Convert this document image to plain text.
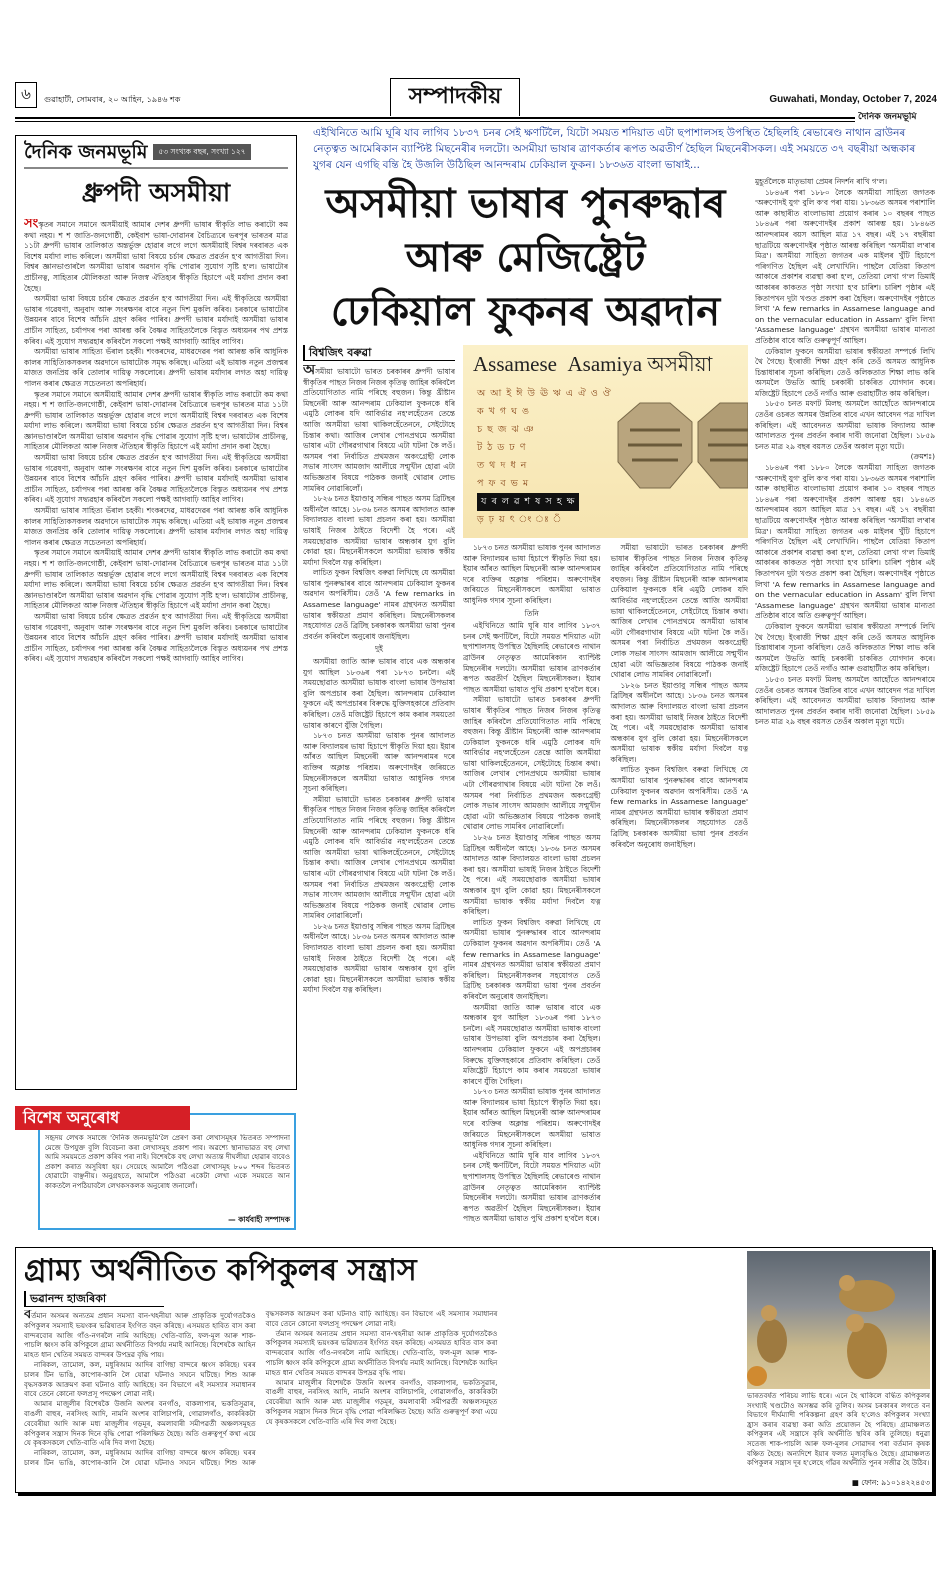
৬	গুৱাহাটী, সোমবাৰ, ২০ আহিন, ১৯৪৬ শক	সম্পাদকীয়	Guwahati, Monday, October 7, 2024
দৈনিক জনমভূমি
দৈনিক জনমভূমি	৫৩ সংখ্যক বছৰ, সংখ্যা ১২৭
ধ্ৰুপদী অসমীয়া

সংস্কৃতৰ সমানে সমানে অসমীয়াই আমাৰ দেশৰ ধ্ৰুপদী ভাষাৰ স্বীকৃতি লাভ কৰাটো কম কথা নহয়। শ শ জাতি-জনগোষ্ঠী, কেইবাশ ভাষা-দোৱানৰ বৈচিত্ৰ্যৰে ভৰপূৰ ভাৰতৰ মাত্ৰ ১১টা ধ্ৰুপদী ভাষাৰ তালিকাত অন্তৰ্ভুক্ত হোৱাৰ লগে লগে অসমীয়াই বিশ্বৰ দৰবাৰত এক বিশেষ মৰ্যাদা লাভ কৰিলে। অসমীয়া ভাষা বিষয়ে চৰ্চাৰ ক্ষেত্ৰত প্ৰৱৰ্তন হ'ব আগতীয়া দিন। বিশ্বৰ জ্ঞানভাণ্ডাৰলৈ অসমীয়া ভাষাৰ অৱদান বৃদ্ধি পোৱাৰ সুযোগ সৃষ্টি হ'ল। ভাষাটোৰ প্ৰাচীনত্ব, সাহিত্যৰ মৌলিকতা আৰু নিজস্ব ঐতিহ্যৰ স্বীকৃতি হিচাপে এই মৰ্যাদা প্ৰদান কৰা হৈছে।

অসমীয়া ভাষা বিষয়ে চৰ্চাৰ ক্ষেত্ৰত প্ৰৱৰ্তন হ'ব আগতীয়া দিন। এই স্বীকৃতিয়ে অসমীয়া ভাষাৰ গৱেষণা, অনুবাদ আৰু সংৰক্ষণৰ বাবে নতুন দিশ মুকলি কৰিব। চৰকাৰে ভাষাটোৰ উন্নয়নৰ বাবে বিশেষ আঁচনি গ্ৰহণ কৰিব পাৰিব। ধ্ৰুপদী ভাষাৰ মৰ্যাদাই অসমীয়া ভাষাৰ প্ৰাচীন সাহিত্য, চৰ্যাপদৰ পৰা আৰম্ভ কৰি বৈষ্ণৱ সাহিত্যলৈকে বিস্তৃত অধ্যয়নৰ পথ প্ৰশস্ত কৰিব। এই সুযোগ সদ্ব্যৱহাৰ কৰিবলৈ সকলো পক্ষই আগবাঢ়ি আহিব লাগিব।

অসমীয়া ভাষাৰ সাহিত্য ভঁৰাল চহকী। শংকৰদেৱ, মাধৱদেৱৰ পৰা আৰম্ভ কৰি আধুনিক কালৰ সাহিত্যিকসকলৰ অৱদানে ভাষাটোক সমৃদ্ধ কৰিছে। এতিয়া এই ভাষাক নতুন প্ৰজন্মৰ মাজত জনপ্ৰিয় কৰি তোলাৰ দায়িত্ব সকলোৰে। ধ্ৰুপদী ভাষাৰ মৰ্যাদাৰ লগত অহা দায়িত্ব পালন কৰাৰ ক্ষেত্ৰত সচেতনতা অপৰিহাৰ্য।

স্কৃতৰ সমানে সমানে অসমীয়াই আমাৰ দেশৰ ধ্ৰুপদী ভাষাৰ স্বীকৃতি লাভ কৰাটো কম কথা নহয়। শ শ জাতি-জনগোষ্ঠী, কেইবাশ ভাষা-দোৱানৰ বৈচিত্ৰ্যৰে ভৰপূৰ ভাৰতৰ মাত্ৰ ১১টা ধ্ৰুপদী ভাষাৰ তালিকাত অন্তৰ্ভুক্ত হোৱাৰ লগে লগে অসমীয়াই বিশ্বৰ দৰবাৰত এক বিশেষ মৰ্যাদা লাভ কৰিলে। অসমীয়া ভাষা বিষয়ে চৰ্চাৰ ক্ষেত্ৰত প্ৰৱৰ্তন হ'ব আগতীয়া দিন। বিশ্বৰ জ্ঞানভাণ্ডাৰলৈ অসমীয়া ভাষাৰ অৱদান বৃদ্ধি পোৱাৰ সুযোগ সৃষ্টি হ'ল। ভাষাটোৰ প্ৰাচীনত্ব, সাহিত্যৰ মৌলিকতা আৰু নিজস্ব ঐতিহ্যৰ স্বীকৃতি হিচাপে এই মৰ্যাদা প্ৰদান কৰা হৈছে।

অসমীয়া ভাষা বিষয়ে চৰ্চাৰ ক্ষেত্ৰত প্ৰৱৰ্তন হ'ব আগতীয়া দিন। এই স্বীকৃতিয়ে অসমীয়া ভাষাৰ গৱেষণা, অনুবাদ আৰু সংৰক্ষণৰ বাবে নতুন দিশ মুকলি কৰিব। চৰকাৰে ভাষাটোৰ উন্নয়নৰ বাবে বিশেষ আঁচনি গ্ৰহণ কৰিব পাৰিব। ধ্ৰুপদী ভাষাৰ মৰ্যাদাই অসমীয়া ভাষাৰ প্ৰাচীন সাহিত্য, চৰ্যাপদৰ পৰা আৰম্ভ কৰি বৈষ্ণৱ সাহিত্যলৈকে বিস্তৃত অধ্যয়নৰ পথ প্ৰশস্ত কৰিব। এই সুযোগ সদ্ব্যৱহাৰ কৰিবলৈ সকলো পক্ষই আগবাঢ়ি আহিব লাগিব।

অসমীয়া ভাষাৰ সাহিত্য ভঁৰাল চহকী। শংকৰদেৱ, মাধৱদেৱৰ পৰা আৰম্ভ কৰি আধুনিক কালৰ সাহিত্যিকসকলৰ অৱদানে ভাষাটোক সমৃদ্ধ কৰিছে। এতিয়া এই ভাষাক নতুন প্ৰজন্মৰ মাজত জনপ্ৰিয় কৰি তোলাৰ দায়িত্ব সকলোৰে। ধ্ৰুপদী ভাষাৰ মৰ্যাদাৰ লগত অহা দায়িত্ব পালন কৰাৰ ক্ষেত্ৰত সচেতনতা অপৰিহাৰ্য।

স্কৃতৰ সমানে সমানে অসমীয়াই আমাৰ দেশৰ ধ্ৰুপদী ভাষাৰ স্বীকৃতি লাভ কৰাটো কম কথা নহয়। শ শ জাতি-জনগোষ্ঠী, কেইবাশ ভাষা-দোৱানৰ বৈচিত্ৰ্যৰে ভৰপূৰ ভাৰতৰ মাত্ৰ ১১টা ধ্ৰুপদী ভাষাৰ তালিকাত অন্তৰ্ভুক্ত হোৱাৰ লগে লগে অসমীয়াই বিশ্বৰ দৰবাৰত এক বিশেষ মৰ্যাদা লাভ কৰিলে। অসমীয়া ভাষা বিষয়ে চৰ্চাৰ ক্ষেত্ৰত প্ৰৱৰ্তন হ'ব আগতীয়া দিন। বিশ্বৰ জ্ঞানভাণ্ডাৰলৈ অসমীয়া ভাষাৰ অৱদান বৃদ্ধি পোৱাৰ সুযোগ সৃষ্টি হ'ল। ভাষাটোৰ প্ৰাচীনত্ব, সাহিত্যৰ মৌলিকতা আৰু নিজস্ব ঐতিহ্যৰ স্বীকৃতি হিচাপে এই মৰ্যাদা প্ৰদান কৰা হৈছে।

অসমীয়া ভাষা বিষয়ে চৰ্চাৰ ক্ষেত্ৰত প্ৰৱৰ্তন হ'ব আগতীয়া দিন। এই স্বীকৃতিয়ে অসমীয়া ভাষাৰ গৱেষণা, অনুবাদ আৰু সংৰক্ষণৰ বাবে নতুন দিশ মুকলি কৰিব। চৰকাৰে ভাষাটোৰ উন্নয়নৰ বাবে বিশেষ আঁচনি গ্ৰহণ কৰিব পাৰিব। ধ্ৰুপদী ভাষাৰ মৰ্যাদাই অসমীয়া ভাষাৰ প্ৰাচীন সাহিত্য, চৰ্যাপদৰ পৰা আৰম্ভ কৰি বৈষ্ণৱ সাহিত্যলৈকে বিস্তৃত অধ্যয়নৰ পথ প্ৰশস্ত কৰিব। এই সুযোগ সদ্ব্যৱহাৰ কৰিবলৈ সকলো পক্ষই আগবাঢ়ি আহিব লাগিব।

বিশেষ অনুৰোধ
সহৃদয় লেখক সমাজে 'দৈনিক জনমভূমি'লৈ প্ৰেৰণ কৰা লেখাসমূহৰ ভিতৰত সম্পাদনা মেজে উপযুক্ত বুলি বিবেচনা কৰা লেখাসমূহ প্ৰকাশ পাব। অৱশ্যে স্থানাভাৱত বহু লেখা আমি সময়মতে প্ৰকাশ কৰিব পৰা নাই। বিশেষকৈ বহু লেখা অত্যন্ত দীঘলীয়া হোৱাৰ বাবেও প্ৰকাশ কৰাত অসুবিধা হয়। সেয়েহে আমালৈ পঠিওৱা লেখাসমূহ ৮০০ শব্দৰ ভিতৰত হোৱাটো বাঞ্ছনীয়। অনুগ্ৰহতে, আমালৈ পঠিওৱা একেটা লেখা একে সময়তে আন কাকতলৈ নপঠিয়াবলৈ লেখকসকলক অনুৰোধ জনালোঁ।
— কাৰ্যবাহী সম্পাদক
এইখিনিতে আমি ঘূৰি যাব লাগিব ১৮৩৭ চনৰ সেই ক্ষণটিলৈ, যিটো সময়ত শদিয়াত এটা ছপাশালসহ উপস্থিত হৈছিলহি ৰেভাৰেণ্ড নাথান ব্ৰাউনৰ নেতৃত্বত আমেৰিকান ব্যাপ্টিষ্ট মিছনেৰীৰ দলটো। অসমীয়া ভাষাৰ ত্ৰাণকৰ্তাৰ ৰূপত অৱতীৰ্ণ হৈছিল মিছনেৰীসকল। এই সময়তে ৩৭ বছৰীয়া অন্ধকাৰ যুগৰ যেন এগছি বন্তি হৈ উজলি উঠিছিল আনন্দৰাম ঢেকিয়াল ফুকন। ১৮৩৬ত বাংলা ভাষাই...
অসমীয়া ভাষাৰ পুনৰুদ্ধাৰ
আৰু মেজিষ্ট্ৰেট
ঢেকিয়াল ফুকনৰ অৱদান
বিশ্বজিৎ বৰুৱা

অসমীয়া ভাষাটো ভাৰত চৰকাৰৰ ধ্ৰুপদী ভাষাৰ স্বীকৃতিৰ পাছত নিজৰ নিজৰ কৃতিত্ব জাহিৰ কৰিবলৈ প্ৰতিযোগিতাত নামি পৰিছে বহুজন। কিন্তু খ্ৰীষ্টান মিছনেৰী আৰু আনন্দৰাম ঢেকিয়াল ফুকনকে ধৰি এমুঠি লোকৰ যদি আবিৰ্ভাৱ নহ'লহেঁতেন তেন্তে আজি অসমীয়া ভাষা থাকিলহেঁতেননে, সেইটোহে চিন্তাৰ কথা। আজিৰ লেখাৰ পোনপ্ৰথমে অসমীয়া ভাষাৰ এটা গৌৰৱগাথাৰ বিষয়ে এটা ঘটনা কৈ লওঁ। অসমৰ পৰা নিৰ্বাচিত প্ৰথমজন অকংগ্ৰেছী লোক সভাৰ সাংসদ আমজাদ আলীয়ে সন্মুখীন হোৱা এটা অভিজ্ঞতাৰ বিষয়ে পাঠকক জনাই থোৱাৰ লোভ সামৰিব নোৱাৰিলোঁ।

১৮২৬ চনত ইয়াণ্ডাবু সন্ধিৰ পাছত অসম ব্ৰিটিছৰ অধীনলৈ আহে। ১৮৩৬ চনত অসমৰ আদালত আৰু বিদ্যালয়ত বাংলা ভাষা প্ৰচলন কৰা হয়। অসমীয়া ভাষাই নিজৰ ঠাইতে বিদেশী হৈ পৰে। এই সময়ছোৱাক অসমীয়া ভাষাৰ অন্ধকাৰ যুগ বুলি কোৱা হয়। মিছনেৰীসকলে অসমীয়া ভাষাক স্বকীয় মৰ্যাদা দিবলৈ যত্ন কৰিছিল।

লাচিত ফুকন বিশ্বজিৎ বৰুৱা লিখিছে যে অসমীয়া ভাষাৰ পুনৰুদ্ধাৰৰ বাবে আনন্দৰাম ঢেকিয়াল ফুকনৰ অৱদান অপৰিসীম। তেওঁ 'A few remarks in Assamese language' নামৰ গ্ৰন্থখনত অসমীয়া ভাষাৰ স্বকীয়তা প্ৰমাণ কৰিছিল। মিছনেৰীসকলৰ সহযোগত তেওঁ ব্ৰিটিছ চৰকাৰক অসমীয়া ভাষা পুনৰ প্ৰবৰ্তন কৰিবলৈ অনুৰোধ জনাইছিল।

দুই

অসমীয়া জাতি আৰু ভাষাৰ বাবে এক অন্ধকাৰ যুগ আছিল ১৮৩৬ৰ পৰা ১৮৭৩ চনলৈ। এই সময়ছোৱাত অসমীয়া ভাষাক বাংলা ভাষাৰ উপভাষা বুলি অপপ্ৰচাৰ কৰা হৈছিল। আনন্দৰাম ঢেকিয়াল ফুকনে এই অপপ্ৰচাৰৰ বিৰুদ্ধে যুক্তিসহকাৰে প্ৰতিবাদ কৰিছিল। তেওঁ মজিষ্ট্ৰেট হিচাপে কাম কৰাৰ সময়তো ভাষাৰ কাৰণে যুঁজি গৈছিল।

১৮৭৩ চনত অসমীয়া ভাষাক পুনৰ আদালত আৰু বিদ্যালয়ৰ ভাষা হিচাপে স্বীকৃতি দিয়া হয়। ইয়াৰ আঁৰত আছিল মিছনেৰী আৰু আনন্দৰামৰ দৰে ব্যক্তিৰ অক্লান্ত পৰিশ্ৰম। অৰুণোদইৰ জৰিয়তে মিছনেৰীসকলে অসমীয়া ভাষাত আধুনিক গদ্যৰ সূচনা কৰিছিল।

সমীয়া ভাষাটো ভাৰত চৰকাৰৰ ধ্ৰুপদী ভাষাৰ স্বীকৃতিৰ পাছত নিজৰ নিজৰ কৃতিত্ব জাহিৰ কৰিবলৈ প্ৰতিযোগিতাত নামি পৰিছে বহুজন। কিন্তু খ্ৰীষ্টান মিছনেৰী আৰু আনন্দৰাম ঢেকিয়াল ফুকনকে ধৰি এমুঠি লোকৰ যদি আবিৰ্ভাৱ নহ'লহেঁতেন তেন্তে আজি অসমীয়া ভাষা থাকিলহেঁতেননে, সেইটোহে চিন্তাৰ কথা। আজিৰ লেখাৰ পোনপ্ৰথমে অসমীয়া ভাষাৰ এটা গৌৰৱগাথাৰ বিষয়ে এটা ঘটনা কৈ লওঁ। অসমৰ পৰা নিৰ্বাচিত প্ৰথমজন অকংগ্ৰেছী লোক সভাৰ সাংসদ আমজাদ আলীয়ে সন্মুখীন হোৱা এটা অভিজ্ঞতাৰ বিষয়ে পাঠকক জনাই থোৱাৰ লোভ সামৰিব নোৱাৰিলোঁ।

১৮২৬ চনত ইয়াণ্ডাবু সন্ধিৰ পাছত অসম ব্ৰিটিছৰ অধীনলৈ আহে। ১৮৩৬ চনত অসমৰ আদালত আৰু বিদ্যালয়ত বাংলা ভাষা প্ৰচলন কৰা হয়। অসমীয়া ভাষাই নিজৰ ঠাইতে বিদেশী হৈ পৰে। এই সময়ছোৱাক অসমীয়া ভাষাৰ অন্ধকাৰ যুগ বুলি কোৱা হয়। মিছনেৰীসকলে অসমীয়া ভাষাক স্বকীয় মৰ্যাদা দিবলৈ যত্ন কৰিছিল।

Assamese Asamiya অসমীয়া
অ আ ই ঈ উ ঊ ঋ এ ঐ ও ঔ
ক খ গ ঘ ঙ
চ ছ জ ঝ ঞ
ট ঠ ড ঢ ণ
ত থ দ ধ ন
প ফ ব ভ ম
য ৰ ল ৱ শ ষ স হ ক্ষ
ড় ঢ় য় ৎ ং ঃ ঁ

১৮৭৩ চনত অসমীয়া ভাষাক পুনৰ আদালত আৰু বিদ্যালয়ৰ ভাষা হিচাপে স্বীকৃতি দিয়া হয়। ইয়াৰ আঁৰত আছিল মিছনেৰী আৰু আনন্দৰামৰ দৰে ব্যক্তিৰ অক্লান্ত পৰিশ্ৰম। অৰুণোদইৰ জৰিয়তে মিছনেৰীসকলে অসমীয়া ভাষাত আধুনিক গদ্যৰ সূচনা কৰিছিল।

তিনি

এইখিনিতে আমি ঘূৰি যাব লাগিব ১৮৩৭ চনৰ সেই ক্ষণটিলৈ, যিটো সময়ত শদিয়াত এটা ছপাশালসহ উপস্থিত হৈছিলহি ৰেভাৰেণ্ড নাথান ব্ৰাউনৰ নেতৃত্বত আমেৰিকান ব্যাপ্টিষ্ট মিছনেৰীৰ দলটো। অসমীয়া ভাষাৰ ত্ৰাণকৰ্তাৰ ৰূপত অৱতীৰ্ণ হৈছিল মিছনেৰীসকল। ইয়াৰ পাছত অসমীয়া ভাষাত পুথি প্ৰকাশ হ'বলৈ ধৰে।

সমীয়া ভাষাটো ভাৰত চৰকাৰৰ ধ্ৰুপদী ভাষাৰ স্বীকৃতিৰ পাছত নিজৰ নিজৰ কৃতিত্ব জাহিৰ কৰিবলৈ প্ৰতিযোগিতাত নামি পৰিছে বহুজন। কিন্তু খ্ৰীষ্টান মিছনেৰী আৰু আনন্দৰাম ঢেকিয়াল ফুকনকে ধৰি এমুঠি লোকৰ যদি আবিৰ্ভাৱ নহ'লহেঁতেন তেন্তে আজি অসমীয়া ভাষা থাকিলহেঁতেননে, সেইটোহে চিন্তাৰ কথা। আজিৰ লেখাৰ পোনপ্ৰথমে অসমীয়া ভাষাৰ এটা গৌৰৱগাথাৰ বিষয়ে এটা ঘটনা কৈ লওঁ। অসমৰ পৰা নিৰ্বাচিত প্ৰথমজন অকংগ্ৰেছী লোক সভাৰ সাংসদ আমজাদ আলীয়ে সন্মুখীন হোৱা এটা অভিজ্ঞতাৰ বিষয়ে পাঠকক জনাই থোৱাৰ লোভ সামৰিব নোৱাৰিলোঁ।

১৮২৬ চনত ইয়াণ্ডাবু সন্ধিৰ পাছত অসম ব্ৰিটিছৰ অধীনলৈ আহে। ১৮৩৬ চনত অসমৰ আদালত আৰু বিদ্যালয়ত বাংলা ভাষা প্ৰচলন কৰা হয়। অসমীয়া ভাষাই নিজৰ ঠাইতে বিদেশী হৈ পৰে। এই সময়ছোৱাক অসমীয়া ভাষাৰ অন্ধকাৰ যুগ বুলি কোৱা হয়। মিছনেৰীসকলে অসমীয়া ভাষাক স্বকীয় মৰ্যাদা দিবলৈ যত্ন কৰিছিল।

লাচিত ফুকন বিশ্বজিৎ বৰুৱা লিখিছে যে অসমীয়া ভাষাৰ পুনৰুদ্ধাৰৰ বাবে আনন্দৰাম ঢেকিয়াল ফুকনৰ অৱদান অপৰিসীম। তেওঁ 'A few remarks in Assamese language' নামৰ গ্ৰন্থখনত অসমীয়া ভাষাৰ স্বকীয়তা প্ৰমাণ কৰিছিল। মিছনেৰীসকলৰ সহযোগত তেওঁ ব্ৰিটিছ চৰকাৰক অসমীয়া ভাষা পুনৰ প্ৰবৰ্তন কৰিবলৈ অনুৰোধ জনাইছিল।

অসমীয়া জাতি আৰু ভাষাৰ বাবে এক অন্ধকাৰ যুগ আছিল ১৮৩৬ৰ পৰা ১৮৭৩ চনলৈ। এই সময়ছোৱাত অসমীয়া ভাষাক বাংলা ভাষাৰ উপভাষা বুলি অপপ্ৰচাৰ কৰা হৈছিল। আনন্দৰাম ঢেকিয়াল ফুকনে এই অপপ্ৰচাৰৰ বিৰুদ্ধে যুক্তিসহকাৰে প্ৰতিবাদ কৰিছিল। তেওঁ মজিষ্ট্ৰেট হিচাপে কাম কৰাৰ সময়তো ভাষাৰ কাৰণে যুঁজি গৈছিল।

১৮৭৩ চনত অসমীয়া ভাষাক পুনৰ আদালত আৰু বিদ্যালয়ৰ ভাষা হিচাপে স্বীকৃতি দিয়া হয়। ইয়াৰ আঁৰত আছিল মিছনেৰী আৰু আনন্দৰামৰ দৰে ব্যক্তিৰ অক্লান্ত পৰিশ্ৰম। অৰুণোদইৰ জৰিয়তে মিছনেৰীসকলে অসমীয়া ভাষাত আধুনিক গদ্যৰ সূচনা কৰিছিল।

এইখিনিতে আমি ঘূৰি যাব লাগিব ১৮৩৭ চনৰ সেই ক্ষণটিলৈ, যিটো সময়ত শদিয়াত এটা ছপাশালসহ উপস্থিত হৈছিলহি ৰেভাৰেণ্ড নাথান ব্ৰাউনৰ নেতৃত্বত আমেৰিকান ব্যাপ্টিষ্ট মিছনেৰীৰ দলটো। অসমীয়া ভাষাৰ ত্ৰাণকৰ্তাৰ ৰূপত অৱতীৰ্ণ হৈছিল মিছনেৰীসকল। ইয়াৰ পাছত অসমীয়া ভাষাত পুথি প্ৰকাশ হ'বলৈ ধৰে।

সমীয়া ভাষাটো ভাৰত চৰকাৰৰ ধ্ৰুপদী ভাষাৰ স্বীকৃতিৰ পাছত নিজৰ নিজৰ কৃতিত্ব জাহিৰ কৰিবলৈ প্ৰতিযোগিতাত নামি পৰিছে বহুজন। কিন্তু খ্ৰীষ্টান মিছনেৰী আৰু আনন্দৰাম ঢেকিয়াল ফুকনকে ধৰি এমুঠি লোকৰ যদি আবিৰ্ভাৱ নহ'লহেঁতেন তেন্তে আজি অসমীয়া ভাষা থাকিলহেঁতেননে, সেইটোহে চিন্তাৰ কথা। আজিৰ লেখাৰ পোনপ্ৰথমে অসমীয়া ভাষাৰ এটা গৌৰৱগাথাৰ বিষয়ে এটা ঘটনা কৈ লওঁ। অসমৰ পৰা নিৰ্বাচিত প্ৰথমজন অকংগ্ৰেছী লোক সভাৰ সাংসদ আমজাদ আলীয়ে সন্মুখীন হোৱা এটা অভিজ্ঞতাৰ বিষয়ে পাঠকক জনাই থোৱাৰ লোভ সামৰিব নোৱাৰিলোঁ।

১৮২৬ চনত ইয়াণ্ডাবু সন্ধিৰ পাছত অসম ব্ৰিটিছৰ অধীনলৈ আহে। ১৮৩৬ চনত অসমৰ আদালত আৰু বিদ্যালয়ত বাংলা ভাষা প্ৰচলন কৰা হয়। অসমীয়া ভাষাই নিজৰ ঠাইতে বিদেশী হৈ পৰে। এই সময়ছোৱাক অসমীয়া ভাষাৰ অন্ধকাৰ যুগ বুলি কোৱা হয়। মিছনেৰীসকলে অসমীয়া ভাষাক স্বকীয় মৰ্যাদা দিবলৈ যত্ন কৰিছিল।

লাচিত ফুকন বিশ্বজিৎ বৰুৱা লিখিছে যে অসমীয়া ভাষাৰ পুনৰুদ্ধাৰৰ বাবে আনন্দৰাম ঢেকিয়াল ফুকনৰ অৱদান অপৰিসীম। তেওঁ 'A few remarks in Assamese language' নামৰ গ্ৰন্থখনত অসমীয়া ভাষাৰ স্বকীয়তা প্ৰমাণ কৰিছিল। মিছনেৰীসকলৰ সহযোগত তেওঁ ব্ৰিটিছ চৰকাৰক অসমীয়া ভাষা পুনৰ প্ৰবৰ্তন কৰিবলৈ অনুৰোধ জনাইছিল।

মুহূৰ্তলৈকে মাতৃভাষা প্ৰেমৰ নিদৰ্শন ৰাখি গ'ল।

১৮৪৬ৰ পৰা ১৮৮০ লৈকে অসমীয়া সাহিত্য জগতক 'অৰুণোদই যুগ' বুলি ক'ব পৰা যায়। ১৮৩৬ত অসমৰ পৰাশালি আৰু কাছাৰীত বাংলাভাষা প্ৰয়োগ কৰাৰ ১০ বছৰৰ পাছত ১৮৪৬ৰ পৰা অৰুণোদইৰ প্ৰকাশ আৰম্ভ হয়। ১৮৪৬ত আনন্দৰামৰ বয়স আছিল মাত্ৰ ১৭ বছৰ। এই ১৭ বছৰীয়া ছাত্ৰটিয়ে অৰুণোদইৰ পৃষ্ঠাত আৰম্ভ কৰিছিল 'অসমীয়া ল'ৰাৰ মিত্ৰ'। অসমীয়া সাহিত্য জগতৰ এক মাইলৰ খুঁটি হিচাপে পৰিগণিত হৈছিল এই লেখাখিনি। পাছলৈ যেতিয়া কিতাপ আকাৰে প্ৰকাশৰ ব্যৱস্থা কৰা হ'ল, তেতিয়া লেখা গ'ল ডিমাই আকাৰৰ কাকতত পৃষ্ঠা সংখ্যা হ'ব চাৰিশ। চাৰিশ পৃষ্ঠাৰ এই কিতাপখন দুটা খণ্ডত প্ৰকাশ কৰা হৈছিল। অৰুণোদইৰ পৃষ্ঠাতে লিখা 'A few remarks in Assamese language and on the vernacular education in Assam' বুলি লিখা 'Assamese language' গ্ৰন্থখন অসমীয়া ভাষাৰ মান্যতা প্ৰতিষ্ঠাৰ বাবে অতি গুৰুত্বপূৰ্ণ আছিল।

ঢেকিয়াল ফুকনে অসমীয়া ভাষাৰ স্বকীয়তা সম্পৰ্কে লিখি থৈ গৈছে। ইংৰাজী শিক্ষা গ্ৰহণ কৰি তেওঁ অসমত আধুনিক চিন্তাধাৰাৰ সূচনা কৰিছিল। তেওঁ কলিকতাত শিক্ষা লাভ কৰি অসমলৈ উভতি আহি চৰকাৰী চাকৰিত যোগদান কৰে। মজিষ্ট্ৰেট হিচাপে তেওঁ নগাঁও আৰু গুৱাহাটীত কাম কৰিছিল।

১৮৫৩ চনত মফাট মিলছ অসমলৈ আহোঁতে আনন্দৰামে তেওঁৰ ওচৰত অসমৰ উন্নতিৰ বাবে এখন আবেদন পত্ৰ দাখিল কৰিছিল। এই আবেদনত অসমীয়া ভাষাক বিদ্যালয় আৰু আদালতত পুনৰ প্ৰবৰ্তন কৰাৰ দাবী জনোৱা হৈছিল। ১৮৫৯ চনত মাত্ৰ ২৯ বছৰ বয়সত তেওঁৰ অকাল মৃত্যু ঘটে।

(ক্ৰমশঃ)

১৮৪৬ৰ পৰা ১৮৮০ লৈকে অসমীয়া সাহিত্য জগতক 'অৰুণোদই যুগ' বুলি ক'ব পৰা যায়। ১৮৩৬ত অসমৰ পৰাশালি আৰু কাছাৰীত বাংলাভাষা প্ৰয়োগ কৰাৰ ১০ বছৰৰ পাছত ১৮৪৬ৰ পৰা অৰুণোদইৰ প্ৰকাশ আৰম্ভ হয়। ১৮৪৬ত আনন্দৰামৰ বয়স আছিল মাত্ৰ ১৭ বছৰ। এই ১৭ বছৰীয়া ছাত্ৰটিয়ে অৰুণোদইৰ পৃষ্ঠাত আৰম্ভ কৰিছিল 'অসমীয়া ল'ৰাৰ মিত্ৰ'। অসমীয়া সাহিত্য জগতৰ এক মাইলৰ খুঁটি হিচাপে পৰিগণিত হৈছিল এই লেখাখিনি। পাছলৈ যেতিয়া কিতাপ আকাৰে প্ৰকাশৰ ব্যৱস্থা কৰা হ'ল, তেতিয়া লেখা গ'ল ডিমাই আকাৰৰ কাকতত পৃষ্ঠা সংখ্যা হ'ব চাৰিশ। চাৰিশ পৃষ্ঠাৰ এই কিতাপখন দুটা খণ্ডত প্ৰকাশ কৰা হৈছিল। অৰুণোদইৰ পৃষ্ঠাতে লিখা 'A few remarks in Assamese language and on the vernacular education in Assam' বুলি লিখা 'Assamese language' গ্ৰন্থখন অসমীয়া ভাষাৰ মান্যতা প্ৰতিষ্ঠাৰ বাবে অতি গুৰুত্বপূৰ্ণ আছিল।

ঢেকিয়াল ফুকনে অসমীয়া ভাষাৰ স্বকীয়তা সম্পৰ্কে লিখি থৈ গৈছে। ইংৰাজী শিক্ষা গ্ৰহণ কৰি তেওঁ অসমত আধুনিক চিন্তাধাৰাৰ সূচনা কৰিছিল। তেওঁ কলিকতাত শিক্ষা লাভ কৰি অসমলৈ উভতি আহি চৰকাৰী চাকৰিত যোগদান কৰে। মজিষ্ট্ৰেট হিচাপে তেওঁ নগাঁও আৰু গুৱাহাটীত কাম কৰিছিল।

১৮৫৩ চনত মফাট মিলছ অসমলৈ আহোঁতে আনন্দৰামে তেওঁৰ ওচৰত অসমৰ উন্নতিৰ বাবে এখন আবেদন পত্ৰ দাখিল কৰিছিল। এই আবেদনত অসমীয়া ভাষাক বিদ্যালয় আৰু আদালতত পুনৰ প্ৰবৰ্তন কৰাৰ দাবী জনোৱা হৈছিল। ১৮৫৯ চনত মাত্ৰ ২৯ বছৰ বয়সত তেওঁৰ অকাল মৃত্যু ঘটে।

গ্ৰাম্য অৰ্থনীতিত কপিকুলৰ সন্ত্ৰাস
ভৱানন্দ হাজৰিকা

বৰ্তমান অসমৰ অন্যতম প্ৰধান সমস্যা বান-খহনীয়া আৰু প্ৰাকৃতিক দুৰ্যোগতকৈও কপিকুলৰ সমস্যাই ভয়ংকৰ ভৱিষ্যতৰ ইংগিত বহন কৰিছে। এসময়ত হাবিত বাস কৰা বান্দৰবোৰ আজি গাঁও-নগৰলৈ নামি আহিছে। খেতি-বাতি, ফল-মূল আৰু শাক-পাচলি ধ্বংস কৰি কপিকুলে গ্ৰাম্য অৰ্থনীতিত বিপৰ্যয় নমাই আনিছে। বিশেষকৈ আহিন মাহত ধান খেতিৰ সময়ত বান্দৰৰ উপদ্ৰৱ বৃদ্ধি পায়।

নাৰিকল, তামোল, কল, মধুৰিআম আদিৰ বাগিছা বান্দৰে ধ্বংস কৰিছে। ঘৰৰ চালৰ টিন ভাঙি, কাপোৰ-কানি লৈ যোৱা ঘটনাও সঘনে ঘটিছে। শিশু আৰু বৃদ্ধসকলক আক্ৰমণ কৰা ঘটনাও বাঢ়ি আহিছে। বন বিভাগে এই সমস্যাৰ সমাধানৰ বাবে তেনে কোনো ফলপ্ৰসূ পদক্ষেপ লোৱা নাই।

আমাৰ মাজুলীৰ বিশেষকৈ উজনি অংশৰ বনগাঁও, বাকলাপাৰ, ভকতিসুৱাৰ, বাঙলী বাহুৰ, নৰসিংহ আদি, নামনি অংশৰ বালিচাপৰি, গোৱালগাঁও, কাকৰিকটা বেবেৰীয়া আদি আৰু মধ্য মাজুলীৰ গড়মূৰ, কমলাবাৰী সমীপৱৰ্তী অঞ্চলসমূহত কপিকুলৰ সন্ত্ৰাস দিনক দিনে বৃদ্ধি পোৱা পৰিলক্ষিত হৈছে। অতি গুৰুত্বপূৰ্ণ কথা এয়ে যে কৃষকসকলে খেতি-বাতি এৰি দিব লগা হৈছে।

নাৰিকল, তামোল, কল, মধুৰিআম আদিৰ বাগিছা বান্দৰে ধ্বংস কৰিছে। ঘৰৰ চালৰ টিন ভাঙি, কাপোৰ-কানি লৈ যোৱা ঘটনাও সঘনে ঘটিছে। শিশু আৰু বৃদ্ধসকলক আক্ৰমণ কৰা ঘটনাও বাঢ়ি আহিছে। বন বিভাগে এই সমস্যাৰ সমাধানৰ বাবে তেনে কোনো ফলপ্ৰসূ পদক্ষেপ লোৱা নাই।

ৰ্তমান অসমৰ অন্যতম প্ৰধান সমস্যা বান-খহনীয়া আৰু প্ৰাকৃতিক দুৰ্যোগতকৈও কপিকুলৰ সমস্যাই ভয়ংকৰ ভৱিষ্যতৰ ইংগিত বহন কৰিছে। এসময়ত হাবিত বাস কৰা বান্দৰবোৰ আজি গাঁও-নগৰলৈ নামি আহিছে। খেতি-বাতি, ফল-মূল আৰু শাক-পাচলি ধ্বংস কৰি কপিকুলে গ্ৰাম্য অৰ্থনীতিত বিপৰ্যয় নমাই আনিছে। বিশেষকৈ আহিন মাহত ধান খেতিৰ সময়ত বান্দৰৰ উপদ্ৰৱ বৃদ্ধি পায়।

আমাৰ মাজুলীৰ বিশেষকৈ উজনি অংশৰ বনগাঁও, বাকলাপাৰ, ভকতিসুৱাৰ, বাঙলী বাহুৰ, নৰসিংহ আদি, নামনি অংশৰ বালিচাপৰি, গোৱালগাঁও, কাকৰিকটা বেবেৰীয়া আদি আৰু মধ্য মাজুলীৰ গড়মূৰ, কমলাবাৰী সমীপৱৰ্তী অঞ্চলসমূহত কপিকুলৰ সন্ত্ৰাস দিনক দিনে বৃদ্ধি পোৱা পৰিলক্ষিত হৈছে। অতি গুৰুত্বপূৰ্ণ কথা এয়ে যে কৃষকসকলে খেতি-বাতি এৰি দিব লগা হৈছে।

ভাৰতবৰ্ষত পৰিচয় লাভি ধৰে। এনে হৈ থাকিলে বৰ্দ্ধিত কপিকুলৰ সংখ্যাই খণ্ডটোও অসম্ভৱ কৰি তুলিব। অসম চৰকাৰৰ লগতে বন বিভাগে দীৰ্ঘম্যাদী পৰিকল্পনা গ্ৰহণ কৰি হ'লেও কপিকুলৰ সংখ্যা হ্ৰাস কৰাৰ ব্যৱস্থা কৰা অতি প্ৰয়োজন হৈ পৰিছে। গ্ৰামাঞ্চলত কপিকুলৰ এই সন্ত্ৰাসে কৃষি অৰ্থনীতি স্থবিৰ কৰি তুলিছে। ধনুৱা সতেজ শাক-পাচলি আৰু ফল-মূলৰ সোৱাদৰ পৰা বৰ্তমান কৃষক বঞ্চিত হৈছে। অন্যদিশে ইয়াৰ ফলত মূল্যবৃদ্ধিও হৈছে। গ্ৰামাঞ্চলত কপিকুলৰ সন্ত্ৰাস দূৰ হ'লেহে গাঁৱৰ অৰ্থনীতি পুনৰ সজীৱ হৈ উঠিব।
■ ফোন: ৯১০১৪২২৪৫৩
